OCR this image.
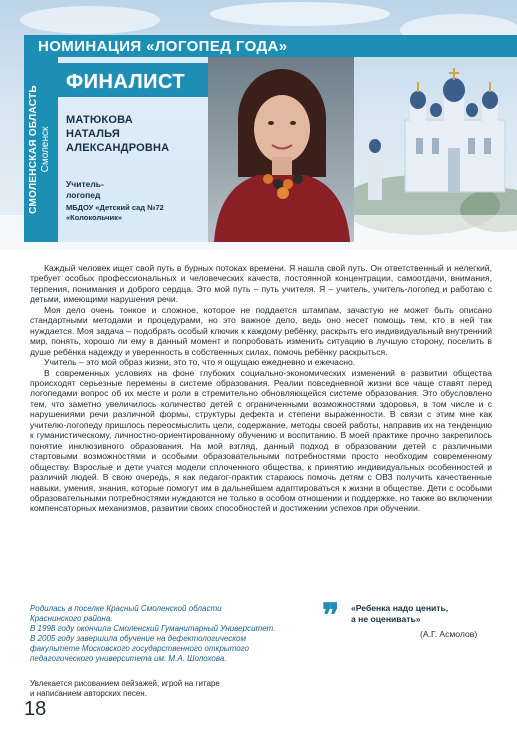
НОМИНАЦИЯ «ЛОГОПЕД ГОДА»
СМОЛЕНСКАЯ ОБЛАСТЬ Смоленск
ФИНАЛИСТ
МАТЮКОВА
НАТАЛЬЯ
АЛЕКСАНДРОВНА
Учитель-
логопед
МБДОУ «Детский сад №72
«Колокольчик»

Каждый человек ищет свой путь в бурных потоках времени. Я нашла свой путь. Он ответственный и нелегкий, требует особых профессиональных и человеческих качеств, постоянной концентрации, самоотдачи, внимания, терпения, понимания и доброго сердца. Это мой путь – путь учителя. Я – учитель, учитель-логопед и работаю с детьми, имеющими нарушения речи.

Моя дело очень тонкое и сложное, которое не поддается штампам, зачастую не может быть описано стандартными методами и процедурами, но это важное дело, ведь оно несет помощь тем, кто в ней так нуждается. Моя задача – подобрать особый ключик к каждому ребёнку, раскрыть его индивидуальный внутренний мир, понять, хорошо ли ему в данный момент и попробовать изменить ситуацию в лучшую сторону, поселить в душе ребёнка надежду и уверенность в собственных силах, помочь ребёнку раскрыться.

Учитель – это мой образ жизни, это то, что я ощущаю ежедневно и ежечасно.

В современных условиях на фоне глубоких социально-экономических изменений в развитии общества происходят серьезные перемены в системе образования. Реалии повседневной жизни все чаще ставят перед логопедами вопрос об их месте и роли в стремительно обновляющейся системе образования. Это обусловлено тем, что заметно увеличилось количество детей с ограниченными возможностями здоровья, в том числе и с нарушениями речи различной формы, структуры дефекта и степени выраженности. В связи с этим мне как учителю-логопеду пришлось переосмыслить цели, содержание, методы своей работы, направив их на тенденцию к гуманистическому, личностно-ориентированному обучению и воспитанию. В моей практике прочно закрепилось понятие инклюзивного образования. На мой взгляд, данный подход в образовании детей с различными стартовыми возможностями и особыми образовательными потребностями просто необходим современному обществу. Взрослые и дети учатся модели сплоченного общества, к принятию индивидуальных особенностей и различий людей. В свою очередь, я как педагог-практик стараюсь помочь детям с ОВЗ получить качественные навыки, умения, знания, которые помогут им в дальнейшем адаптироваться к жизни в обществе. Дети с особыми образовательными потребностями нуждаются не только в особом отношении и поддержке, но также во включении компенсаторных механизмов, развитии своих способностей и достижении успехов при обучении.

Родилась в поселке Красный Смоленской области
Краснинского района.
В 1998 году окончила Смоленский Гуманитарный Университет.
В 2005 году завершила обучение на дефектологическом
факультете Московского государственного открытого
педагогического университета им. М.А. Шолохова.
Увлекается рисованием пейзажей, игрой на гитаре
и написанием авторских песен.
18
❞ «Ребенка надо ценить,
а не оценивать»
(А.Г. Асмолов)
